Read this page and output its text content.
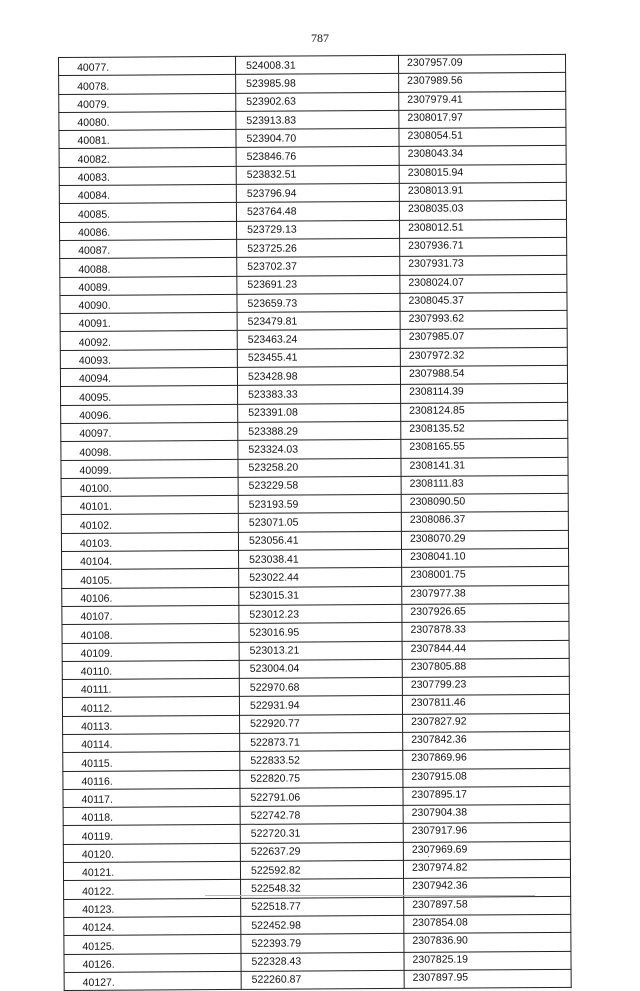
787
40077.	524008.31	2307957.09
40078.	523985.98	2307989.56
40079.	523902.63	2307979.41
40080.	523913.83	2308017.97
40081.	523904.70	2308054.51
40082.	523846.76	2308043.34
40083.	523832.51	2308015.94
40084.	523796.94	2308013.91
40085.	523764.48	2308035.03
40086.	523729.13	2308012.51
40087.	523725.26	2307936.71
40088.	523702.37	2307931.73
40089.	523691.23	2308024.07
40090.	523659.73	2308045.37
40091.	523479.81	2307993.62
40092.	523463.24	2307985.07
40093.	523455.41	2307972.32
40094.	523428.98	2307988.54
40095.	523383.33	2308114.39
40096.	523391.08	2308124.85
40097.	523388.29	2308135.52
40098.	523324.03	2308165.55
40099.	523258.20	2308141.31
40100.	523229.58	2308111.83
40101.	523193.59	2308090.50
40102.	523071.05	2308086.37
40103.	523056.41	2308070.29
40104.	523038.41	2308041.10
40105.	523022.44	2308001.75
40106.	523015.31	2307977.38
40107.	523012.23	2307926.65
40108.	523016.95	2307878.33
40109.	523013.21	2307844.44
40110.	523004.04	2307805.88
40111.	522970.68	2307799.23
40112.	522931.94	2307811.46
40113.	522920.77	2307827.92
40114.	522873.71	2307842.36
40115.	522833.52	2307869.96
40116.	522820.75	2307915.08
40117.	522791.06	2307895.17
40118.	522742.78	2307904.38
40119.	522720.31	2307917.96
40120.	522637.29	2307969.69
40121.	522592.82	2307974.82
40122.	522548.32	2307942.36
40123.	522518.77	2307897.58
40124.	522452.98	2307854.08
40125.	522393.79	2307836.90
40126.	522328.43	2307825.19
40127.	522260.87	2307897.95
